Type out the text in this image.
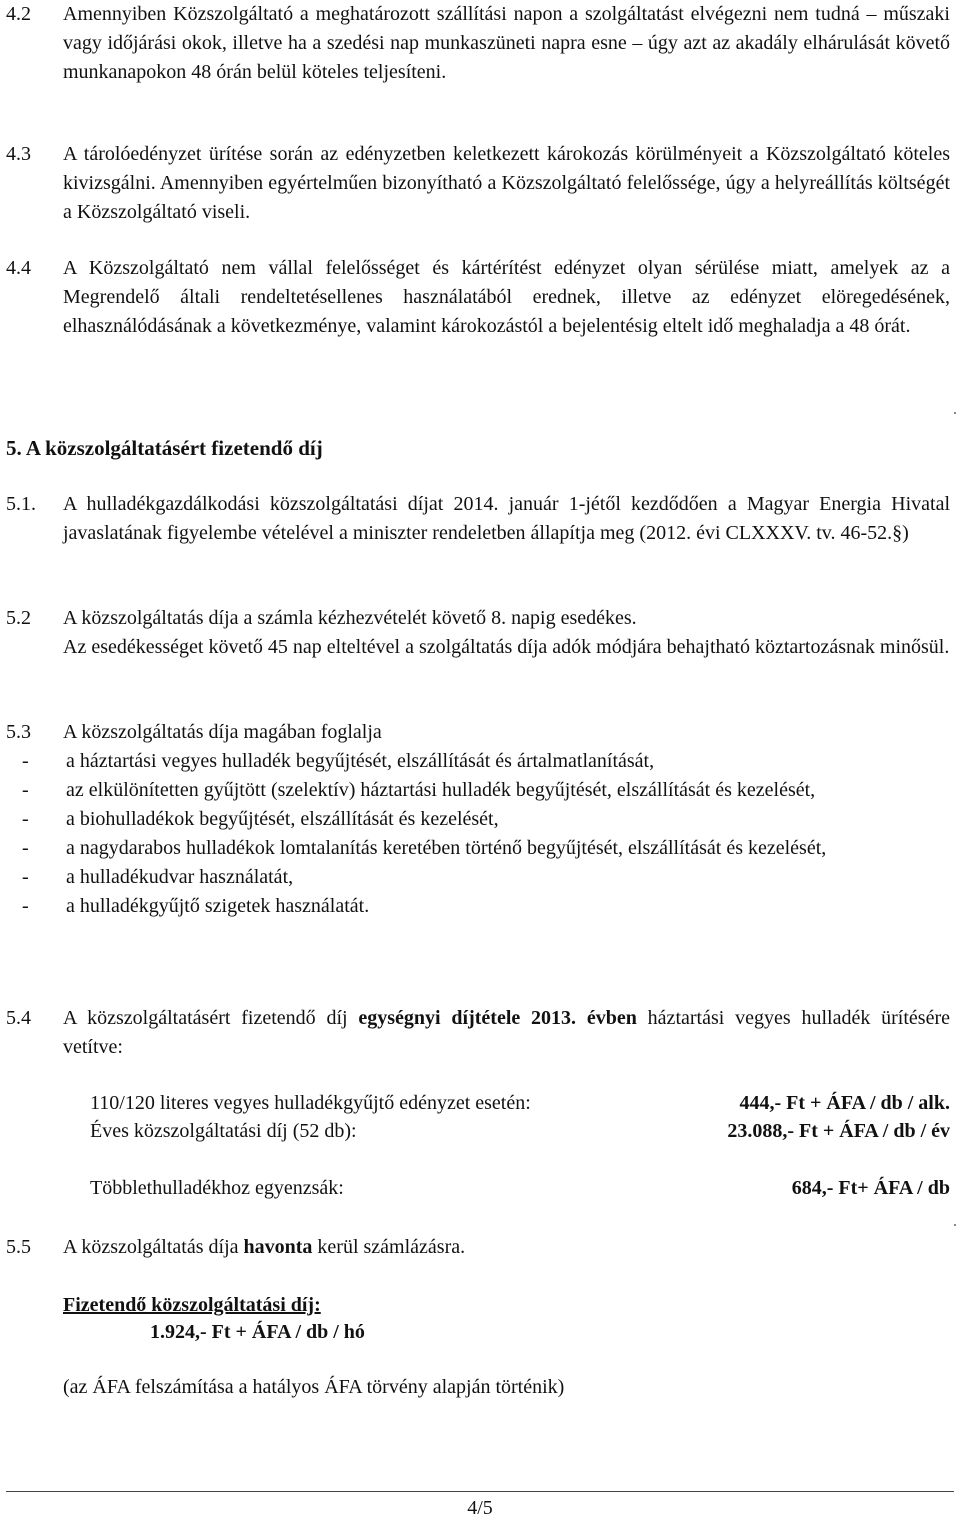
4.2	Amennyiben Közszolgáltató a meghatározott szállítási napon a szolgáltatást elvégezni nem tudná – műszaki vagy időjárási okok, illetve ha a szedési nap munkaszüneti napra esne – úgy azt az akadály elhárulását követő munkanapokon 48 órán belül köteles teljesíteni.
4.3	A tárolóedényzet ürítése során az edényzetben keletkezett károkozás körülményeit a Közszolgáltató köteles kivizsgálni. Amennyiben egyértelműen bizonyítható a Közszolgáltató felelőssége, úgy a helyreállítás költségét a Közszolgáltató viseli.
4.4	A Közszolgáltató nem vállal felelősséget és kártérítést edényzet olyan sérülése miatt, amelyek az a Megrendelő általi rendeltetésellenes használatából erednek, illetve az edényzet elöregedésének, elhasználódásának a következménye, valamint károkozástól a bejelentésig eltelt idő meghaladja a 48 órát.
5. A közszolgáltatásért fizetendő díj
5.1.	A hulladékgazdálkodási közszolgáltatási díjat 2014. január 1-jétől kezdődően a Magyar Energia Hivatal javaslatának figyelembe vételével a miniszter rendeletben állapítja meg (2012. évi CLXXXV. tv. 46-52.§)
5.2	A közszolgáltatás díja a számla kézhezvételét követő 8. napig esedékes.
Az esedékességet követő 45 nap elteltével a szolgáltatás díja adók módjára behajtható köztartozásnak minősül.
5.3	A közszolgáltatás díja magában foglalja
- a háztartási vegyes hulladék begyűjtését, elszállítását és ártalmatlanítását,
- az elkülönítetten gyűjtött (szelektív) háztartási hulladék begyűjtését, elszállítását és kezelését,
- a biohulladékok begyűjtését, elszállítását és kezelését,
- a nagydarabos hulladékok lomtalanítás keretében történő begyűjtését, elszállítását és kezelését,
- a hulladékudvar használatát,
- a hulladékgyűjtő szigetek használatát.
5.4	A közszolgáltatásért fizetendő díj egységnyi díjtétele 2013. évben háztartási vegyes hulladék ürítésére vetítve:
110/120 literes vegyes hulladékgyűjtő edényzet esetén:	444,- Ft + ÁFA / db / alk.
Éves közszolgáltatási díj (52 db):	23.088,- Ft + ÁFA / db / év
Többlethulladékhoz egyenzsák:	684,- Ft+ ÁFA / db
5.5	A közszolgáltatás díja havonta kerül számlázásra.
Fizetendő közszolgáltatási díj:
1.924,- Ft + ÁFA / db / hó
(az ÁFA felszámítása a hatályos ÁFA törvény alapján történik)
4/5
